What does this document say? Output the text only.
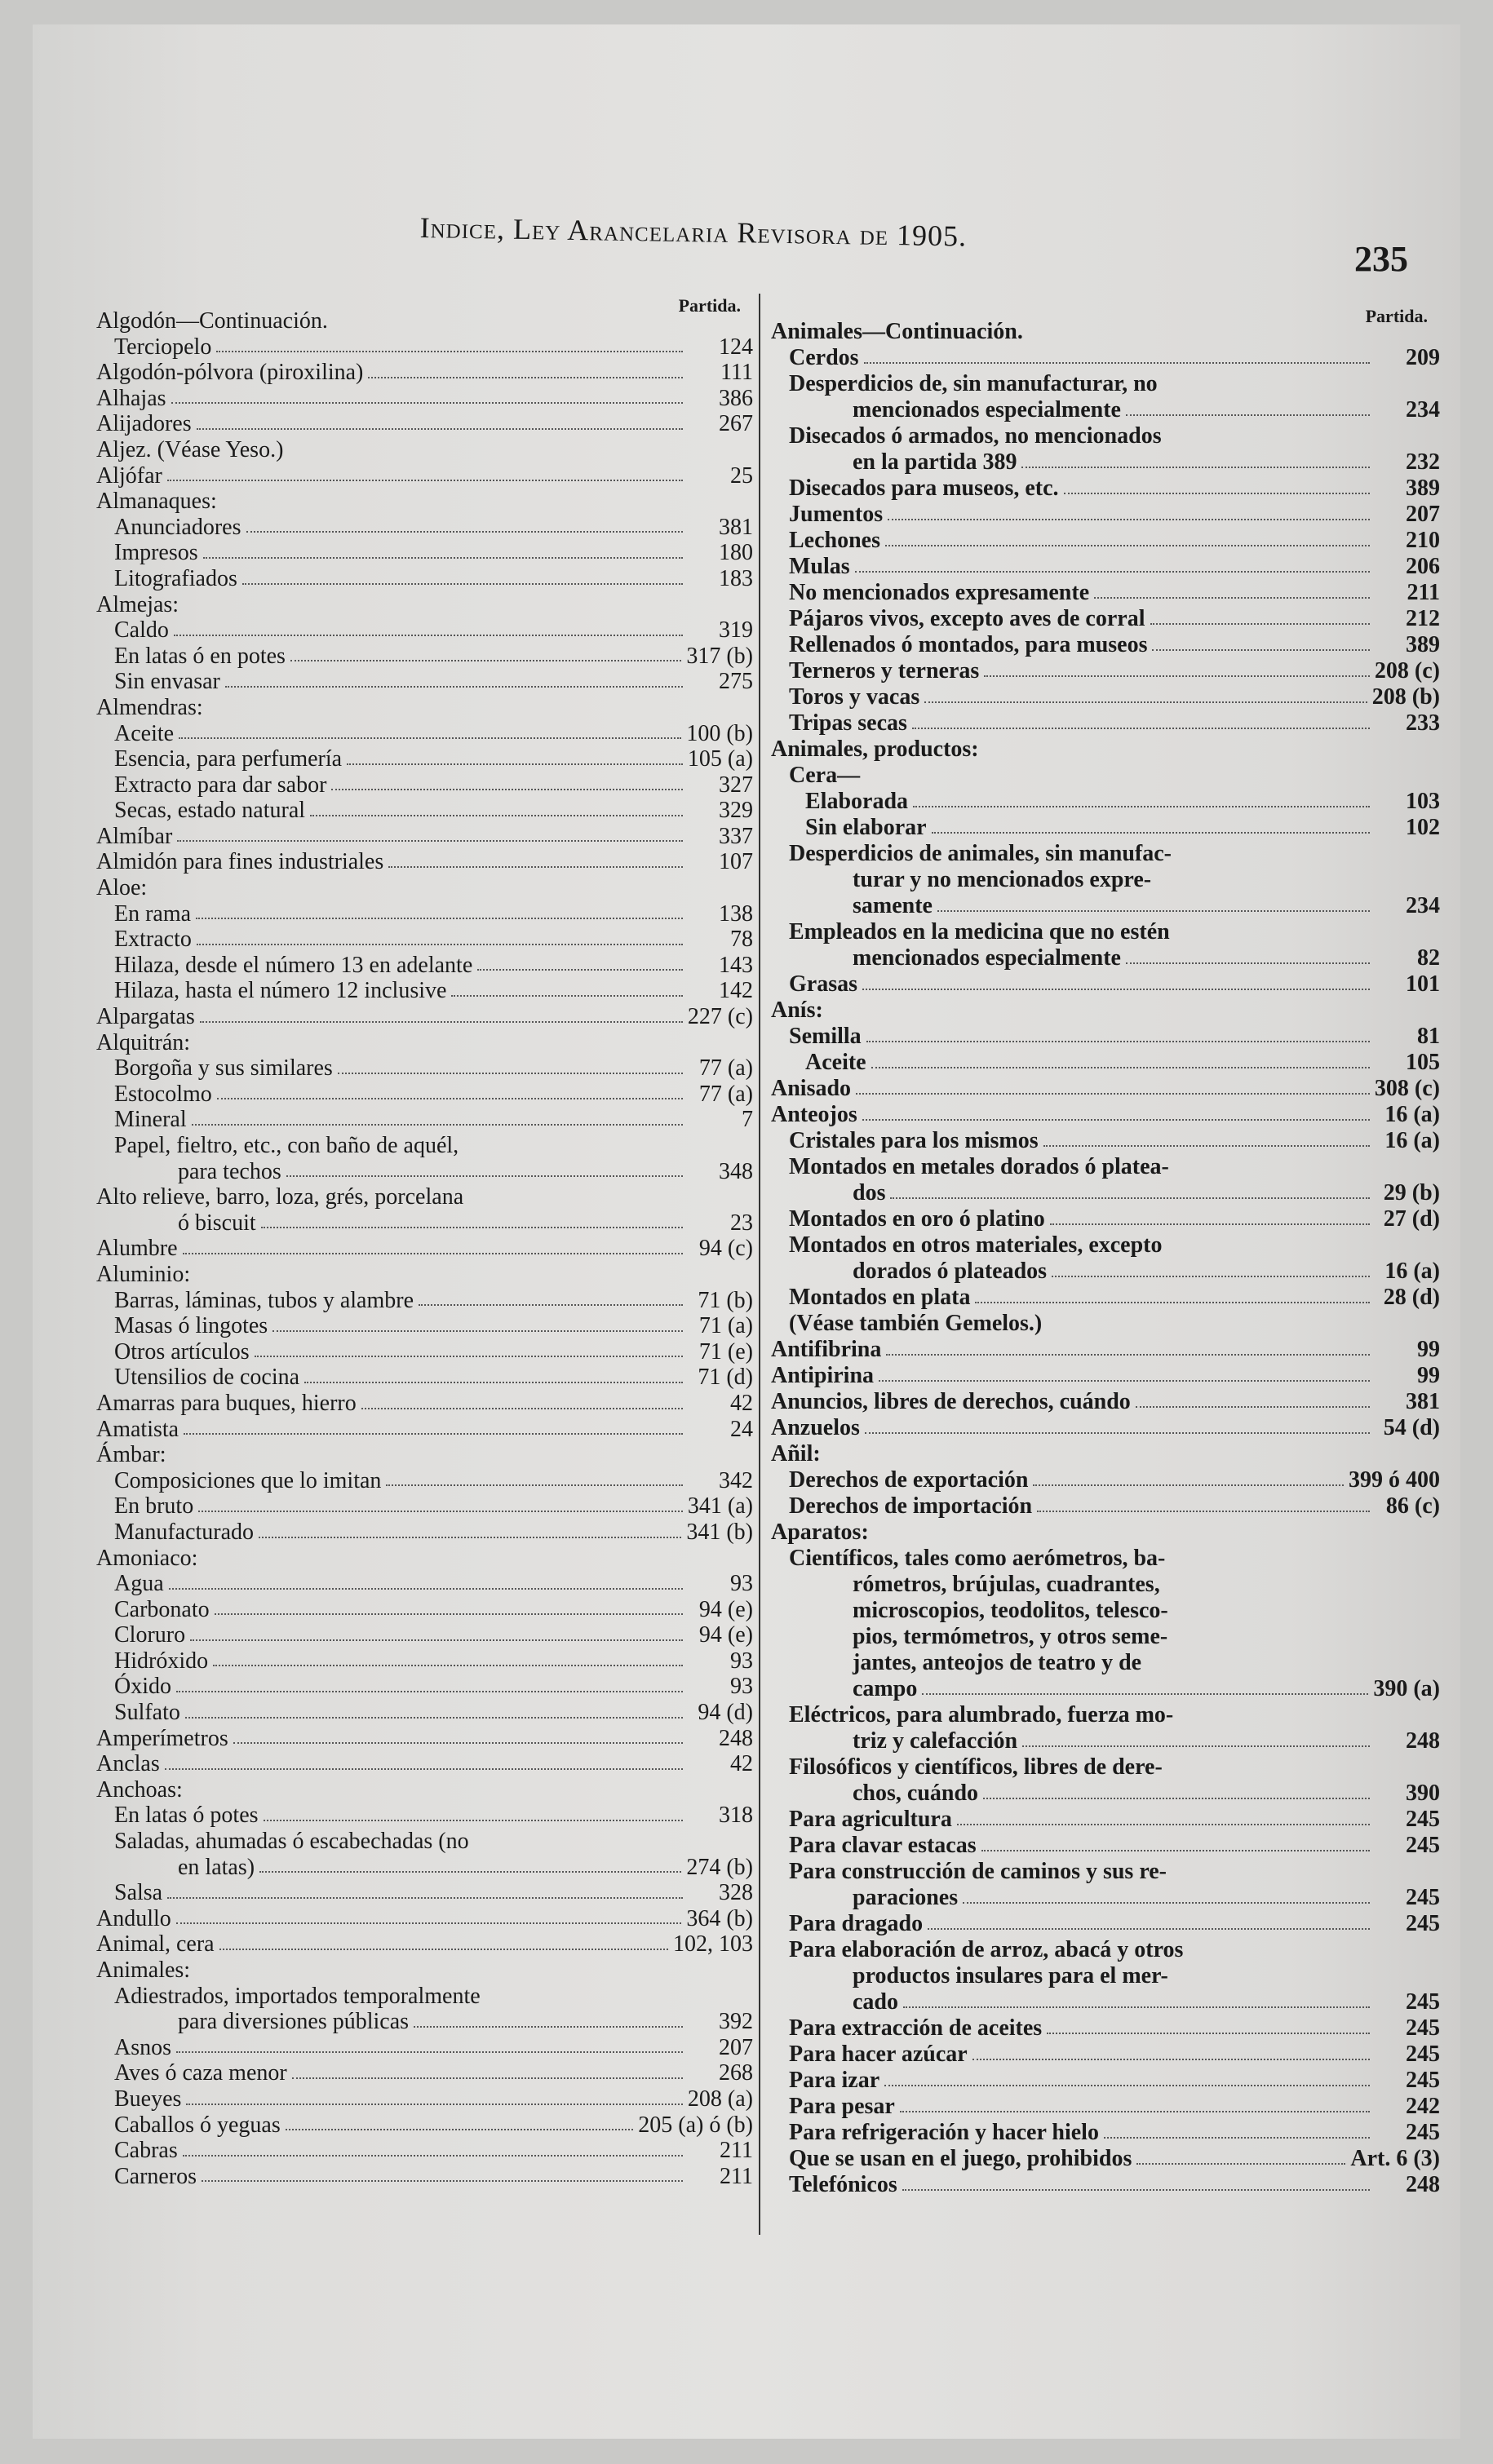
Indice, Ley Arancelaria Revisora de 1905.
235
Partida.
Algodón—Continuación.
Terciopelo	124
Algodón-pólvora (piroxilina)	111
Alhajas	386
Alijadores	267
Aljez. (Véase Yeso.)
Aljófar	25
Almanaques:
Anunciadores	381
Impresos	180
Litografiados	183
Almejas:
Caldo	319
En latas ó en potes	317 (b)
Sin envasar	275
Almendras:
Aceite	100 (b)
Esencia, para perfumería	105 (a)
Extracto para dar sabor	327
Secas, estado natural	329
Almíbar	337
Almidón para fines industriales	107
Aloe:
En rama	138
Extracto	78
Hilaza, desde el número 13 en adelante	143
Hilaza, hasta el número 12 inclusive	142
Alpargatas	227 (c)
Alquitrán:
Borgoña y sus similares	77 (a)
Estocolmo	77 (a)
Mineral	7
Papel, fieltro, etc., con baño de aquél,
para techos	348
Alto relieve, barro, loza, grés, porcelana
ó biscuit	23
Alumbre	94 (c)
Aluminio:
Barras, láminas, tubos y alambre	71 (b)
Masas ó lingotes	71 (a)
Otros artículos	71 (e)
Utensilios de cocina	71 (d)
Amarras para buques, hierro	42
Amatista	24
Ámbar:
Composiciones que lo imitan	342
En bruto	341 (a)
Manufacturado	341 (b)
Amoniaco:
Agua	93
Carbonato	94 (e)
Cloruro	94 (e)
Hidróxido	93
Óxido	93
Sulfato	94 (d)
Amperímetros	248
Anclas	42
Anchoas:
En latas ó potes	318
Saladas, ahumadas ó escabechadas (no
en latas)	274 (b)
Salsa	328
Andullo	364 (b)
Animal, cera	102, 103
Animales:
Adiestrados, importados temporalmente
para diversiones públicas	392
Asnos	207
Aves ó caza menor	268
Bueyes	208 (a)
Caballos ó yeguas	205 (a) ó (b)
Cabras	211
Carneros	211
Partida.
Animales—Continuación.
Cerdos	209
Desperdicios de, sin manufacturar, no
mencionados especialmente	234
Disecados ó armados, no mencionados
en la partida 389	232
Disecados para museos, etc.	389
Jumentos	207
Lechones	210
Mulas	206
No mencionados expresamente	211
Pájaros vivos, excepto aves de corral	212
Rellenados ó montados, para museos	389
Terneros y terneras	208 (c)
Toros y vacas	208 (b)
Tripas secas	233
Animales, productos:
Cera—
Elaborada	103
Sin elaborar	102
Desperdicios de animales, sin manufac-
turar y no mencionados expre-
samente	234
Empleados en la medicina que no estén
mencionados especialmente	82
Grasas	101
Anís:
Semilla	81
Aceite	105
Anisado	308 (c)
Anteojos	16 (a)
Cristales para los mismos	16 (a)
Montados en metales dorados ó platea-
dos	29 (b)
Montados en oro ó platino	27 (d)
Montados en otros materiales, excepto
dorados ó plateados	16 (a)
Montados en plata	28 (d)
(Véase también Gemelos.)
Antifibrina	99
Antipirina	99
Anuncios, libres de derechos, cuándo	381
Anzuelos	54 (d)
Añil:
Derechos de exportación	399 ó 400
Derechos de importación	86 (c)
Aparatos:
Científicos, tales como aerómetros, ba-
rómetros, brújulas, cuadrantes,
microscopios, teodolitos, telesco-
pios, termómetros, y otros seme-
jantes, anteojos de teatro y de
campo	390 (a)
Eléctricos, para alumbrado, fuerza mo-
triz y calefacción	248
Filosóficos y científicos, libres de dere-
chos, cuándo	390
Para agricultura	245
Para clavar estacas	245
Para construcción de caminos y sus re-
paraciones	245
Para dragado	245
Para elaboración de arroz, abacá y otros
productos insulares para el mer-
cado	245
Para extracción de aceites	245
Para hacer azúcar	245
Para izar	245
Para pesar	242
Para refrigeración y hacer hielo	245
Que se usan en el juego, prohibidos	Art. 6 (3)
Telefónicos	248
